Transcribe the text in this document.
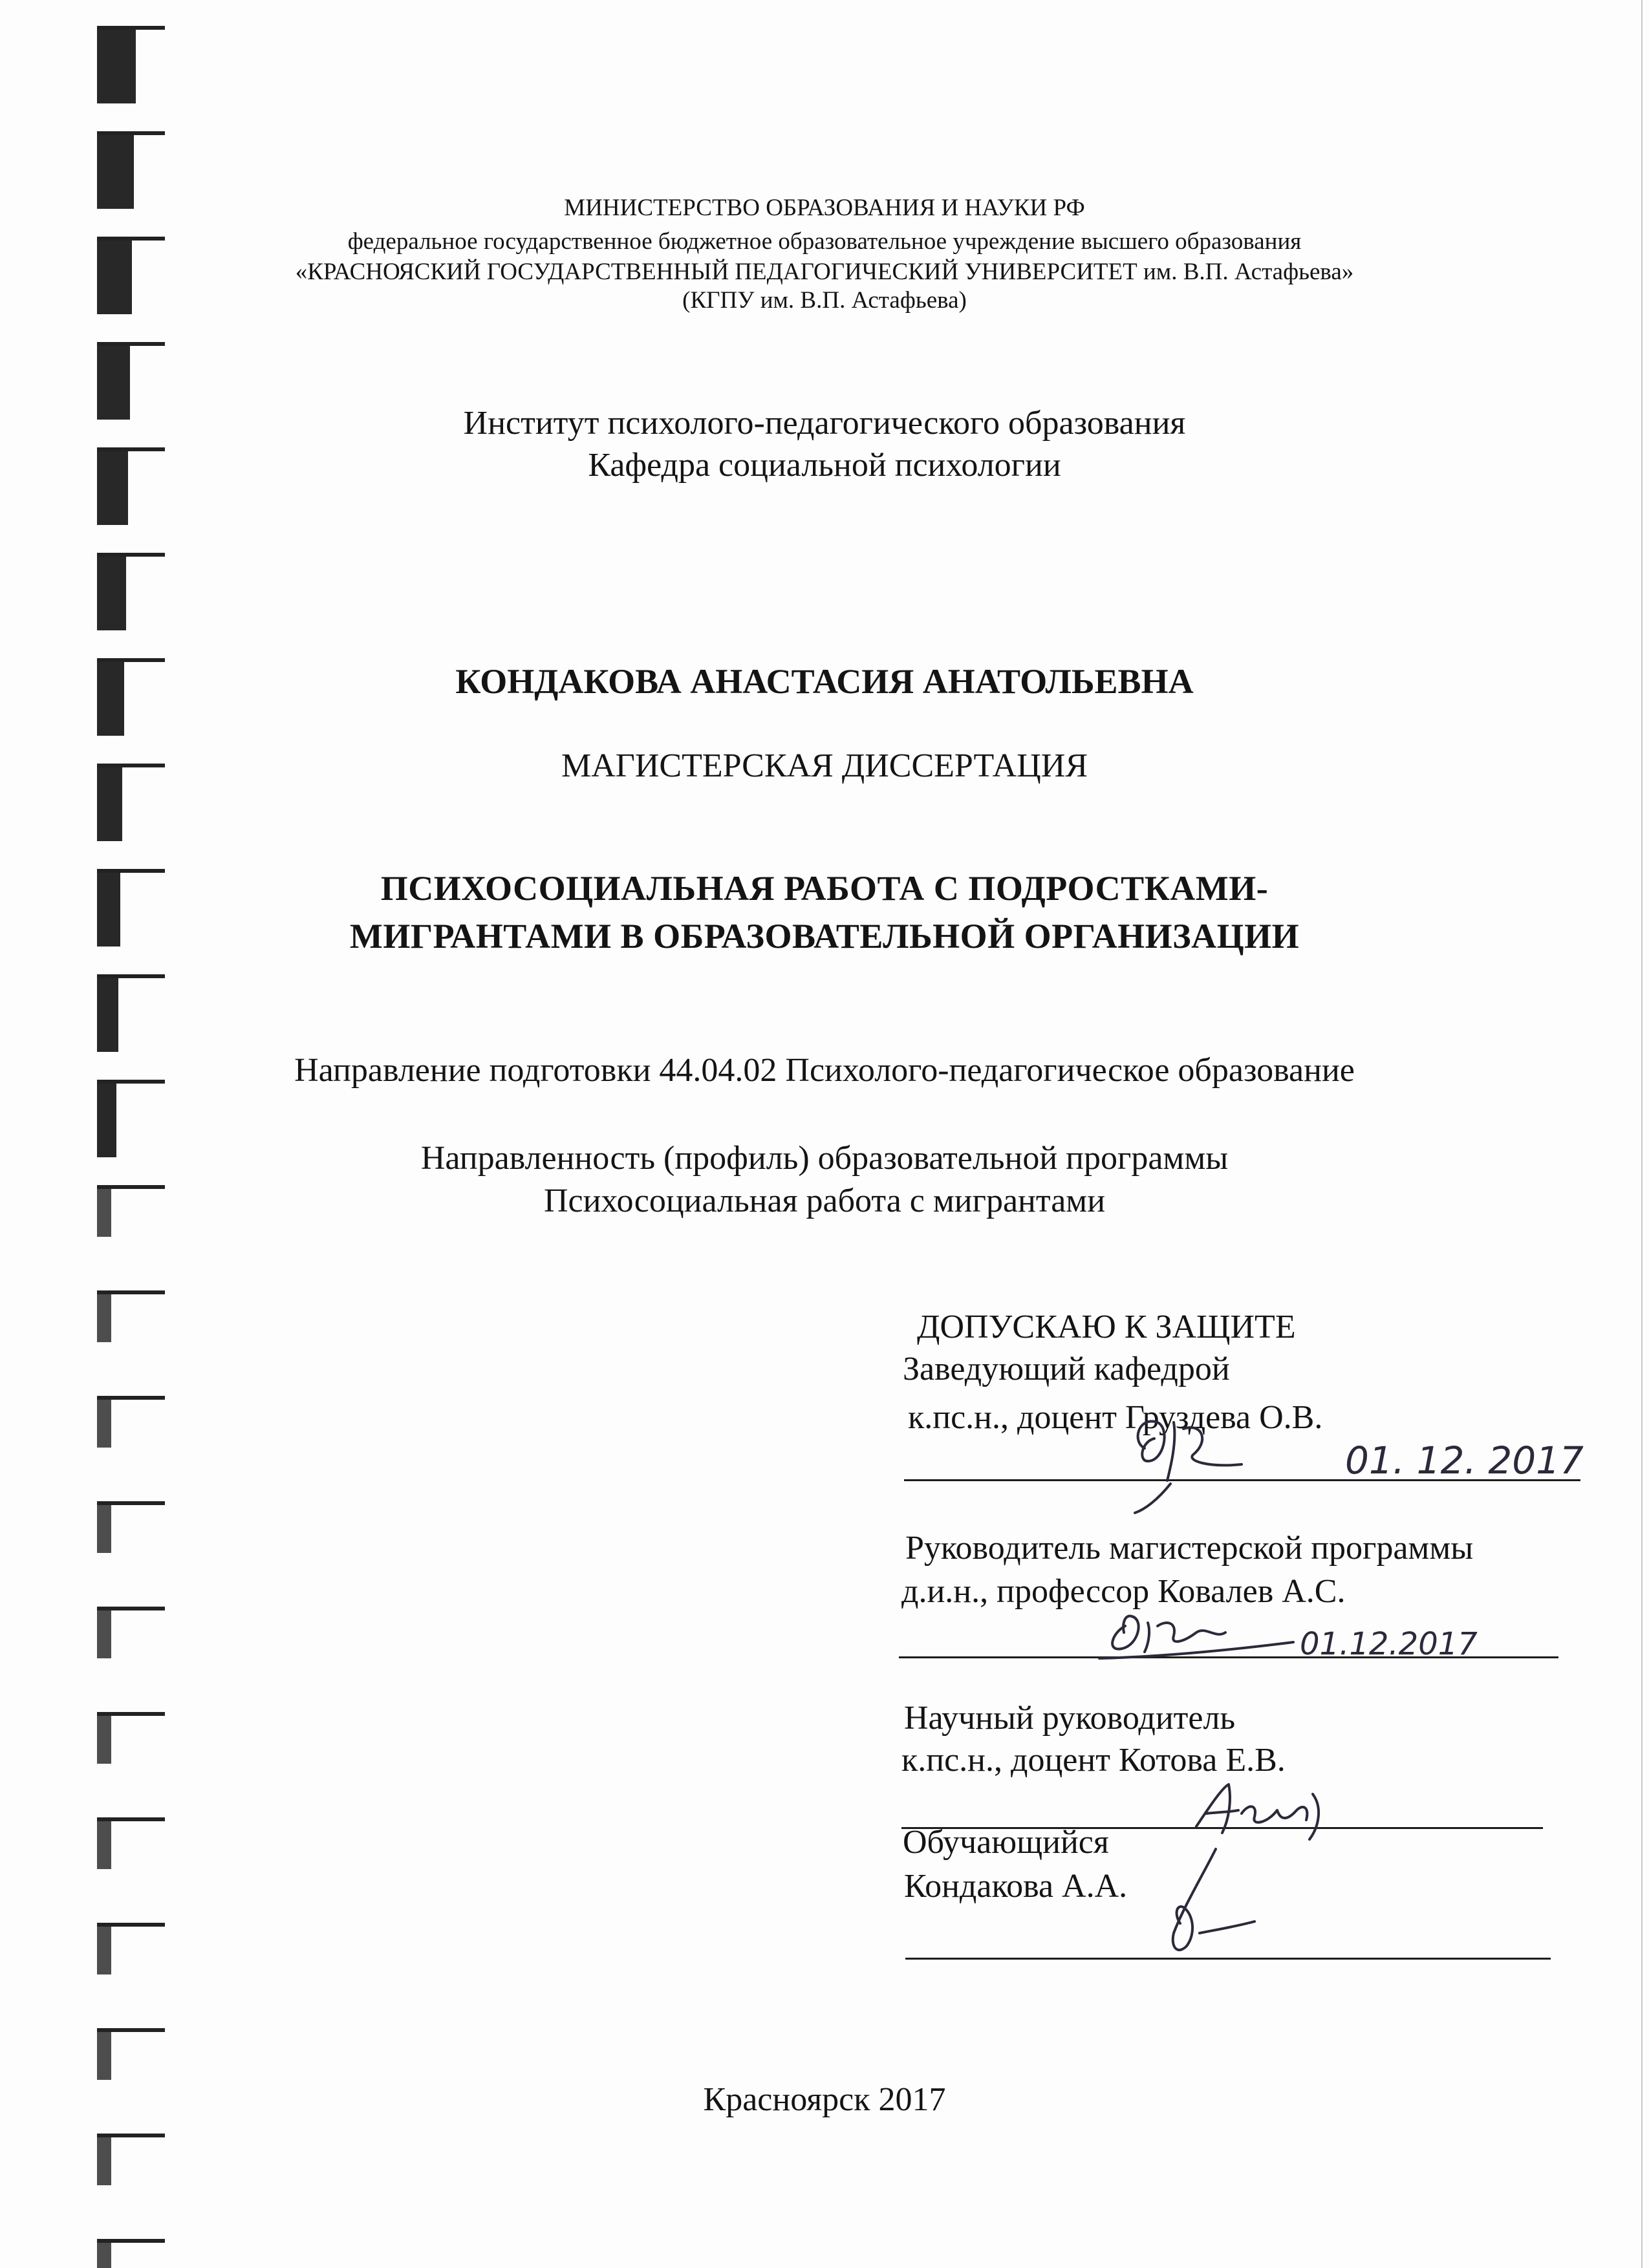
МИНИСТЕРСТВО ОБРАЗОВАНИЯ И НАУКИ РФ
федеральное государственное бюджетное образовательное учреждение высшего образования
«КРАСНОЯСКИЙ ГОСУДАРСТВЕННЫЙ ПЕДАГОГИЧЕСКИЙ УНИВЕРСИТЕТ им. В.П. Астафьева»
(КГПУ им. В.П. Астафьева)
Институт психолого-педагогического образования
Кафедра социальной психологии
КОНДАКОВА АНАСТАСИЯ АНАТОЛЬЕВНА
МАГИСТЕРСКАЯ ДИССЕРТАЦИЯ
ПСИХОСОЦИАЛЬНАЯ РАБОТА С ПОДРОСТКАМИ-
МИГРАНТАМИ В ОБРАЗОВАТЕЛЬНОЙ ОРГАНИЗАЦИИ
Направление подготовки 44.04.02 Психолого-педагогическое образование
Направленность (профиль) образовательной программы
Психосоциальная работа с мигрантами
ДОПУСКАЮ К ЗАЩИТЕ
Заведующий кафедрой
к.пс.н., доцент Груздева О.В.
01. 12. 2017
Руководитель магистерской программы
д.и.н., профессор Ковалев А.С.
01.12.2017
Научный руководитель
к.пс.н., доцент Котова Е.В.
Обучающийся
Кондакова А.А.
Красноярск 2017
